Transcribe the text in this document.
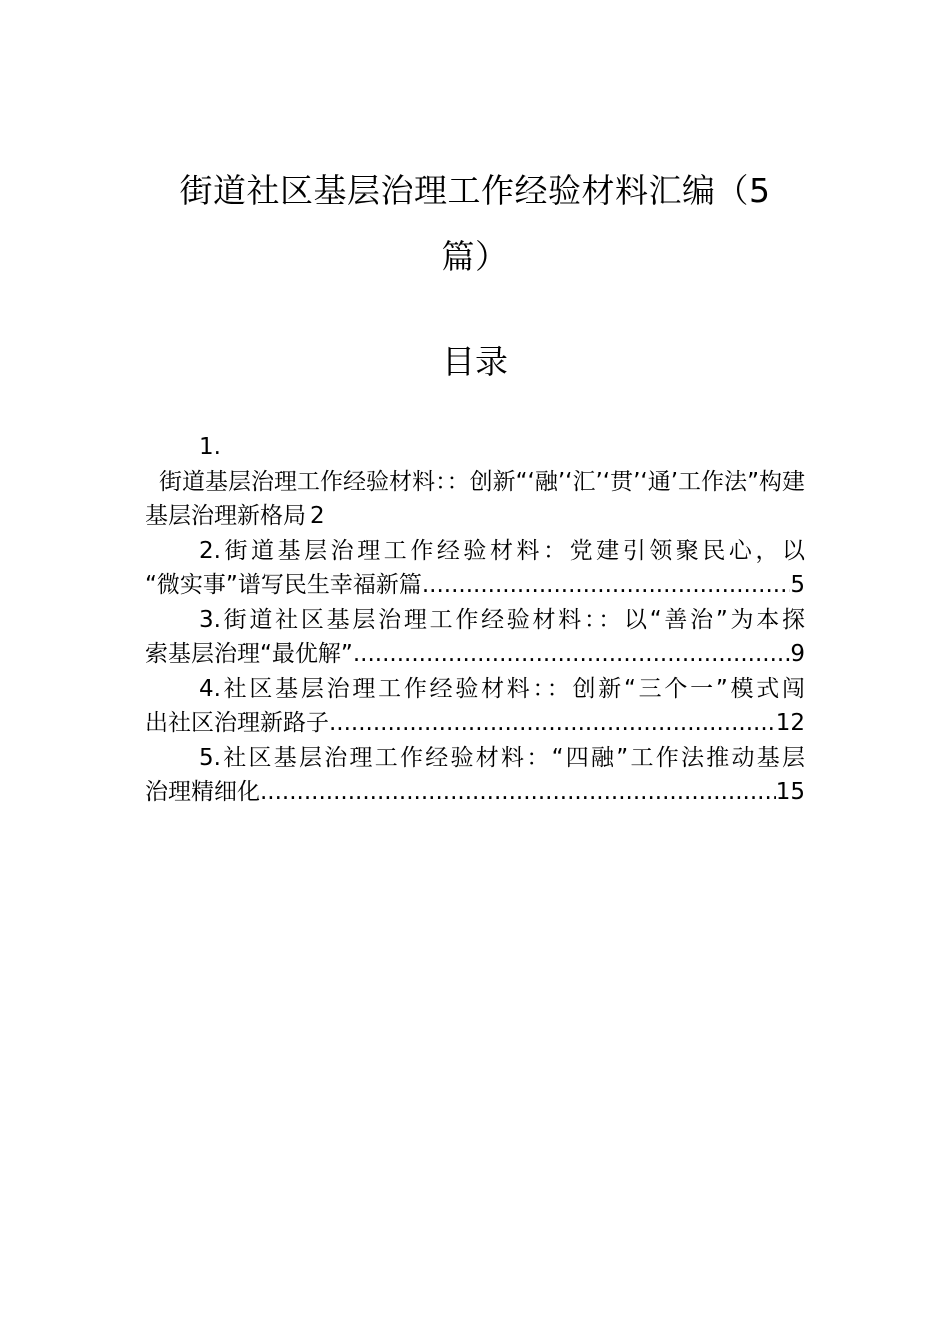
街道社区基层治理工作经验材料汇编（5
篇）
目录
1.
街道基层治理工作经验材料：：创新“‘融’‘汇’‘贯’‘通’工作法”构建基层治理新格局 2
2.街道基层治理工作经验材料：党建引领聚民心，以
“微实事”谱写民生幸福新篇 .....	5
3.街道社区基层治理工作经验材料：：以“善治”为本探
索基层治理“最优解” .....	9
4.社区基层治理工作经验材料：：创新“三个一”模式闯
出社区治理新路子 .....	12
5.社区基层治理工作经验材料：“四融”工作法推动基层
治理精细化 .....	15
